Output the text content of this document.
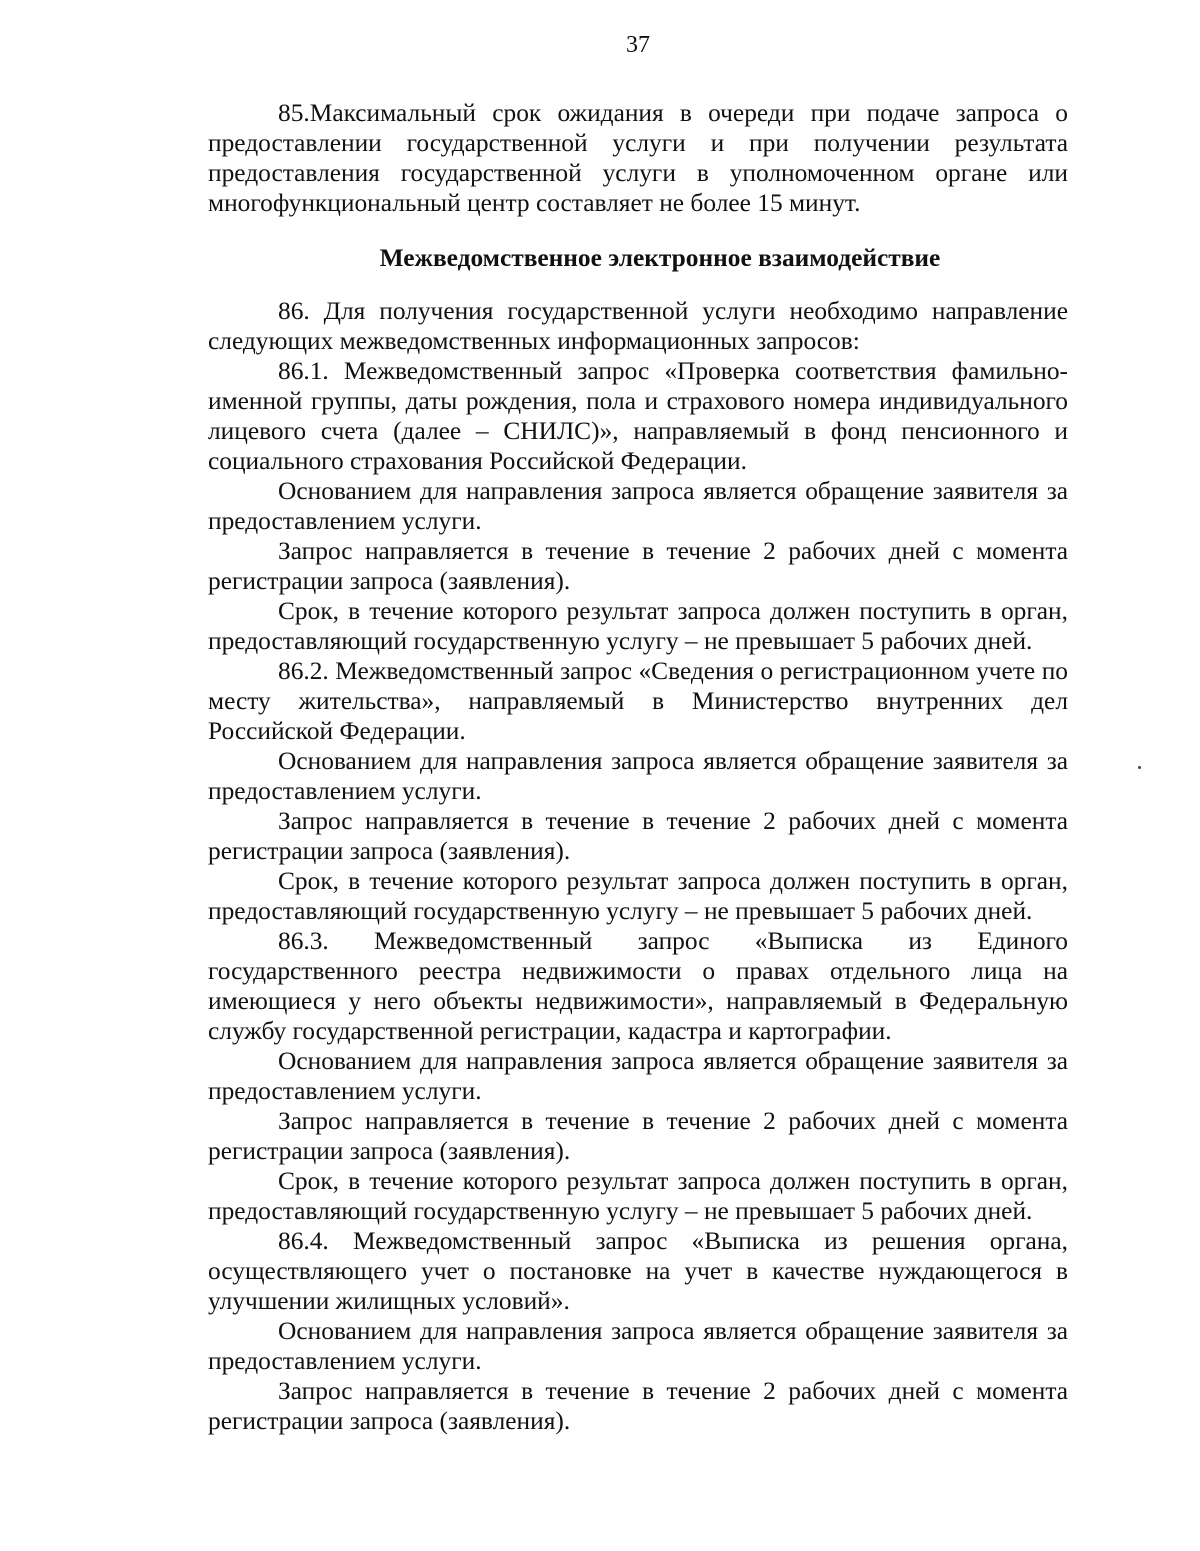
37

85.Максимальный срок ожидания в очереди при подаче запроса о предоставлении государственной услуги и при получении результата предоставления государственной услуги в уполномоченном органе или многофункциональный центр составляет не более 15 минут.

Межведомственное электронное взаимодействие

86. Для получения государственной услуги необходимо направление следующих межведомственных информационных запросов:

86.1. Межведомственный запрос «Проверка соответствия фамильно-именной группы, даты рождения, пола и страхового номера индивидуального лицевого счета (далее – СНИЛС)», направляемый в фонд пенсионного и социального страхования Российской Федерации.

Основанием для направления запроса является обращение заявителя за предоставлением услуги.

Запрос направляется в течение в течение 2 рабочих дней с момента регистрации запроса (заявления).

Срок, в течение которого результат запроса должен поступить в орган, предоставляющий государственную услугу – не превышает 5 рабочих дней.

86.2. Межведомственный запрос «Сведения о регистрационном учете по месту жительства», направляемый в Министерство внутренних дел Российской Федерации.

Основанием для направления запроса является обращение заявителя за предоставлением услуги.

Запрос направляется в течение в течение 2 рабочих дней с момента регистрации запроса (заявления).

Срок, в течение которого результат запроса должен поступить в орган, предоставляющий государственную услугу – не превышает 5 рабочих дней.

86.3. Межведомственный запрос «Выписка из Единого государственного реестра недвижимости о правах отдельного лица на имеющиеся у него объекты недвижимости», направляемый в Федеральную службу государственной регистрации, кадастра и картографии.

Основанием для направления запроса является обращение заявителя за предоставлением услуги.

Запрос направляется в течение в течение 2 рабочих дней с момента регистрации запроса (заявления).

Срок, в течение которого результат запроса должен поступить в орган, предоставляющий государственную услугу – не превышает 5 рабочих дней.

86.4. Межведомственный запрос «Выписка из решения органа, осуществляющего учет о постановке на учет в качестве нуждающегося в улучшении жилищных условий».

Основанием для направления запроса является обращение заявителя за предоставлением услуги.

Запрос направляется в течение в течение 2 рабочих дней с момента регистрации запроса (заявления).
